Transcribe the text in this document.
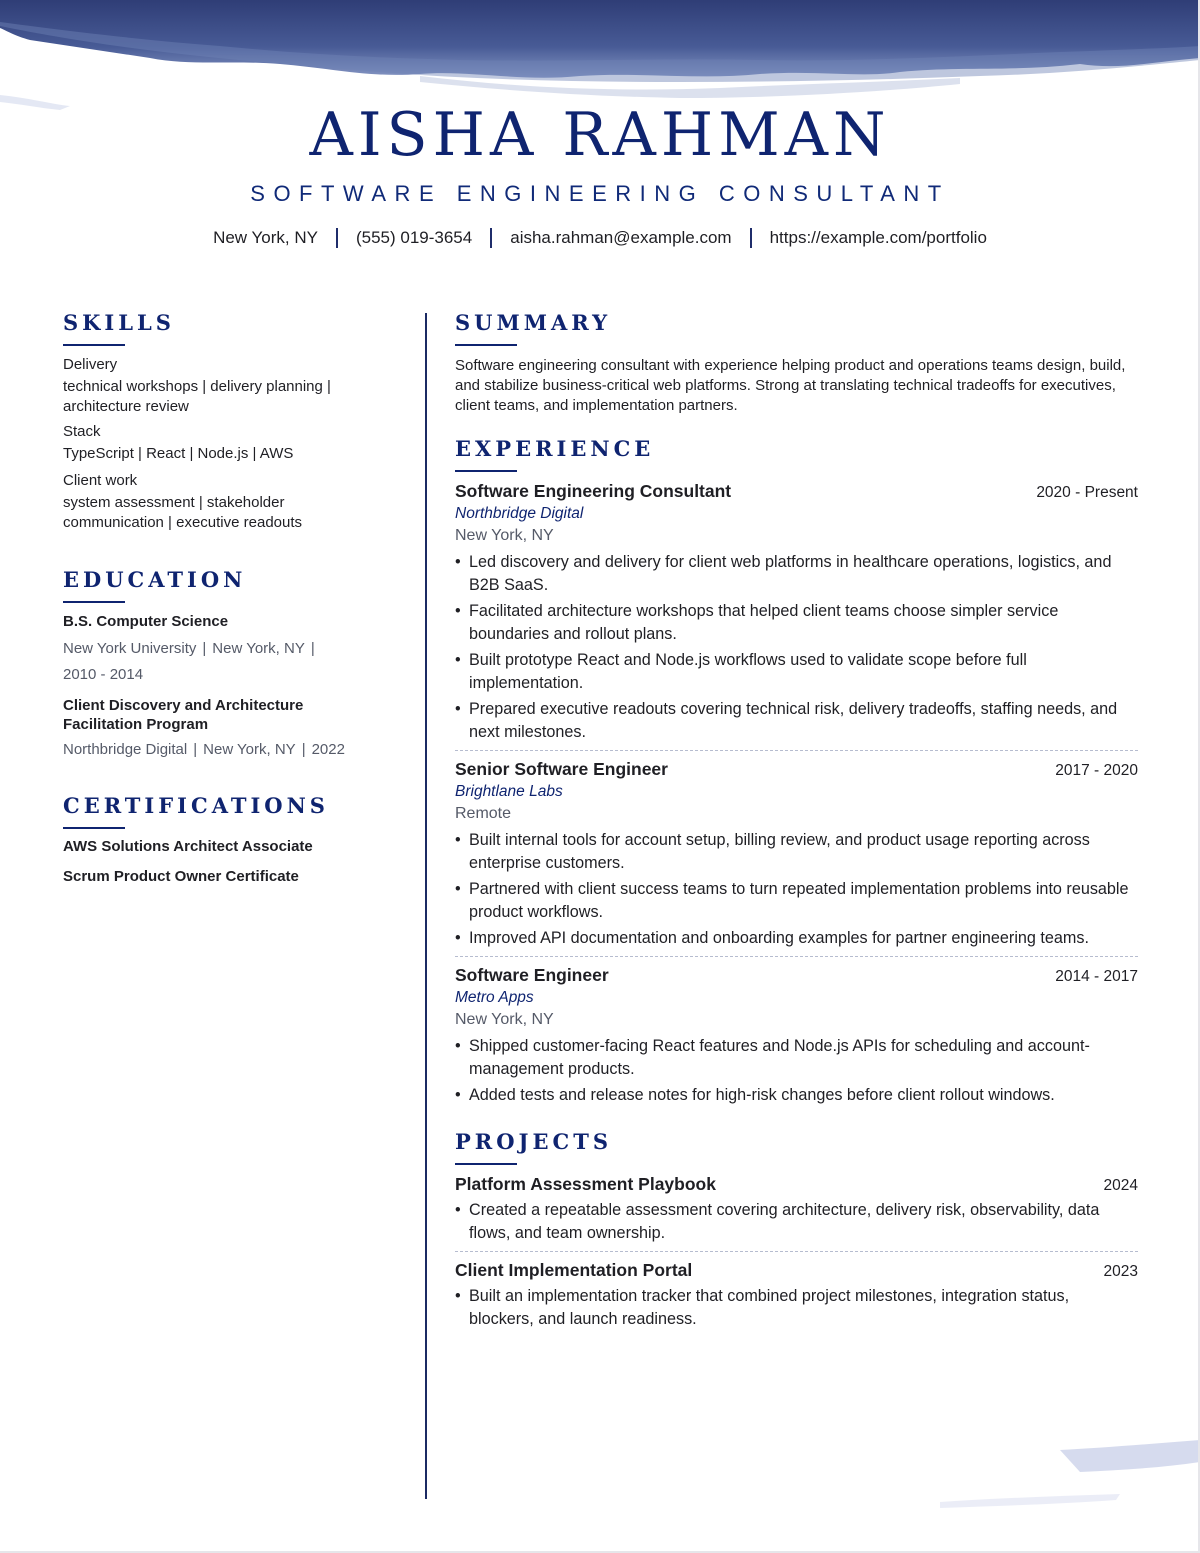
AISHA RAHMAN
SOFTWARE ENGINEERING CONSULTANT
New York, NY (555) 019-3654 aisha.rahman@example.com https://example.com/portfolio
SKILLS
Delivery
technical workshops | delivery planning | architecture review
Stack
TypeScript | React | Node.js | AWS
Client work
system assessment | stakeholder communication | executive readouts
EDUCATION
B.S. Computer Science
New York University | New York, NY |
2010 - 2014
Client Discovery and Architecture Facilitation Program
Northbridge Digital | New York, NY | 2022
CERTIFICATIONS
AWS Solutions Architect Associate
Scrum Product Owner Certificate
SUMMARY

Software engineering consultant with experience helping product and operations teams design, build, and stabilize business-critical web platforms. Strong at translating technical tradeoffs for executives, client teams, and implementation partners.

EXPERIENCE
Software Engineering Consultant	2020 - Present
Northbridge Digital
New York, NY
• Led discovery and delivery for client web platforms in healthcare operations, logistics, and B2B SaaS.
• Facilitated architecture workshops that helped client teams choose simpler service boundaries and rollout plans.
• Built prototype React and Node.js workflows used to validate scope before full implementation.
• Prepared executive readouts covering technical risk, delivery tradeoffs, staffing needs, and next milestones.
Senior Software Engineer	2017 - 2020
Brightlane Labs
Remote
• Built internal tools for account setup, billing review, and product usage reporting across enterprise customers.
• Partnered with client success teams to turn repeated implementation problems into reusable product workflows.
• Improved API documentation and onboarding examples for partner engineering teams.
Software Engineer	2014 - 2017
Metro Apps
New York, NY
• Shipped customer-facing React features and Node.js APIs for scheduling and account-management products.
• Added tests and release notes for high-risk changes before client rollout windows.
PROJECTS
Platform Assessment Playbook	2024
• Created a repeatable assessment covering architecture, delivery risk, observability, data flows, and team ownership.
Client Implementation Portal	2023
• Built an implementation tracker that combined project milestones, integration status, blockers, and launch readiness.
